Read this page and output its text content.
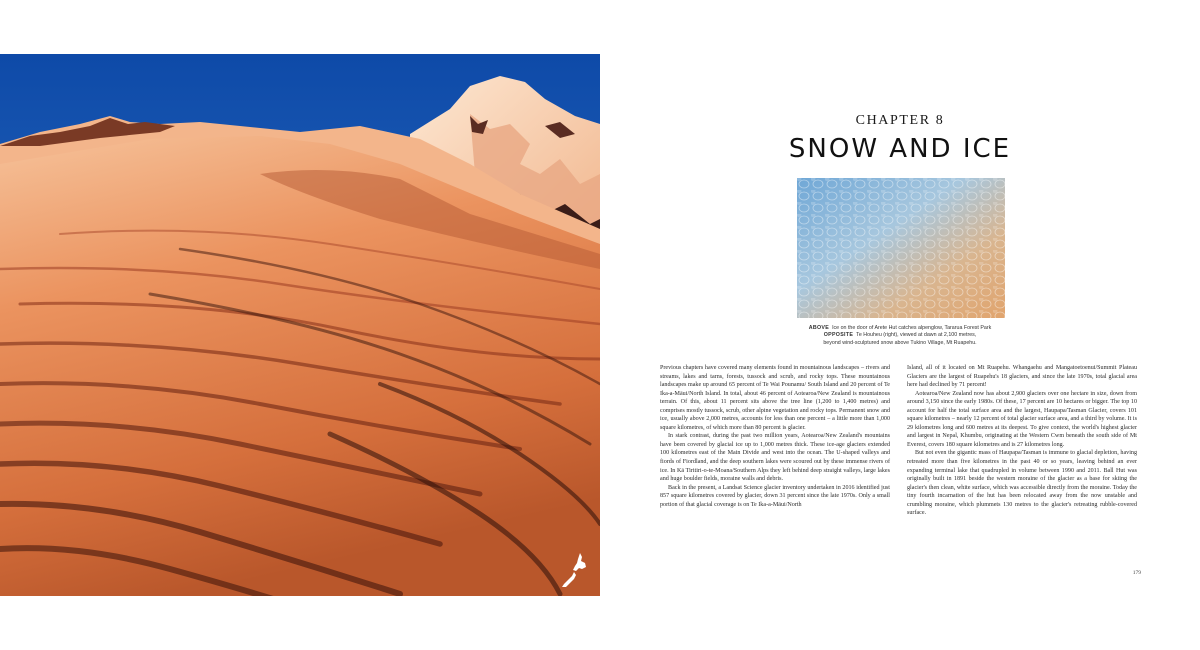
CHAPTER 8
SNOW AND ICE
ABOVE Ice on the door of Arete Hut catches alpenglow, Tararua Forest Park
OPPOSITE Te Houheu (right), viewed at dawn at 2,100 metres,
beyond wind-sculptured snow above Tukino Village, Mt Ruapehu.

Previous chapters have covered many elements found in mountainous landscapes – rivers and streams, lakes and tarns, forests, tussock and scrub, and rocky tops. These mountainous landscapes make up around 65 percent of Te Wai Pounamu/ South Island and 20 percent of Te Ika-a-Māui/North Island. In total, about 46 percent of Aotearoa/New Zealand is mountainous terrain. Of this, about 11 percent sits above the tree line (1,200 to 1,400 metres) and comprises mostly tussock, scrub, other alpine vegetation and rocky tops. Permanent snow and ice, usually above 2,000 metres, accounts for less than one percent – a little more than 1,000 square kilometres, of which more than 80 percent is glacier.

In stark contrast, during the past two million years, Aotearoa/New Zealand's mountains have been covered by glacial ice up to 1,000 metres thick. These ice-age glaciers extended 100 kilometres east of the Main Divide and west into the ocean. The U-shaped valleys and fiords of Fiordland, and the deep southern lakes were scoured out by these immense rivers of ice. In Kā Tiritiri-o-te-Moana/Southern Alps they left behind deep straight valleys, large lakes and huge boulder fields, moraine walls and debris.

Back in the present, a Landsat Science glacier inventory undertaken in 2016 identified just 857 square kilometres covered by glacier, down 31 percent since the late 1970s. Only a small portion of that glacial coverage is on Te Ika-a-Māui/North

Island, all of it located on Mt Ruapehu. Whangaehu and Mangatoetoenui/Summit Plateau Glaciers are the largest of Ruapehu's 18 glaciers, and since the late 1970s, total glacial area here had declined by 71 percent!

Aotearoa/New Zealand now has about 2,900 glaciers over one hectare in size, down from around 3,150 since the early 1980s. Of these, 17 percent are 10 hectares or bigger. The top 10 account for half the total surface area and the largest, Haupapa/Tasman Glacier, covers 101 square kilometres – nearly 12 percent of total glacier surface area, and a third by volume. It is 29 kilometres long and 600 metres at its deepest. To give context, the world's highest glacier and largest in Nepal, Khumbu, originating at the Western Cwm beneath the south side of Mt Everest, covers 180 square kilometres and is 27 kilometres long.

But not even the gigantic mass of Haupapa/Tasman is immune to glacial depletion, having retreated more than five kilometres in the past 40 or so years, leaving behind an ever expanding terminal lake that quadrupled in volume between 1990 and 2011. Ball Hut was originally built in 1891 beside the western moraine of the glacier as a base for skiing the glacier's then clean, white surface, which was accessible directly from the moraine. Today the tiny fourth incarnation of the hut has been relocated away from the now unstable and crumbling moraine, which plummets 130 metres to the glacier's retreating rubble-covered surface.

179
